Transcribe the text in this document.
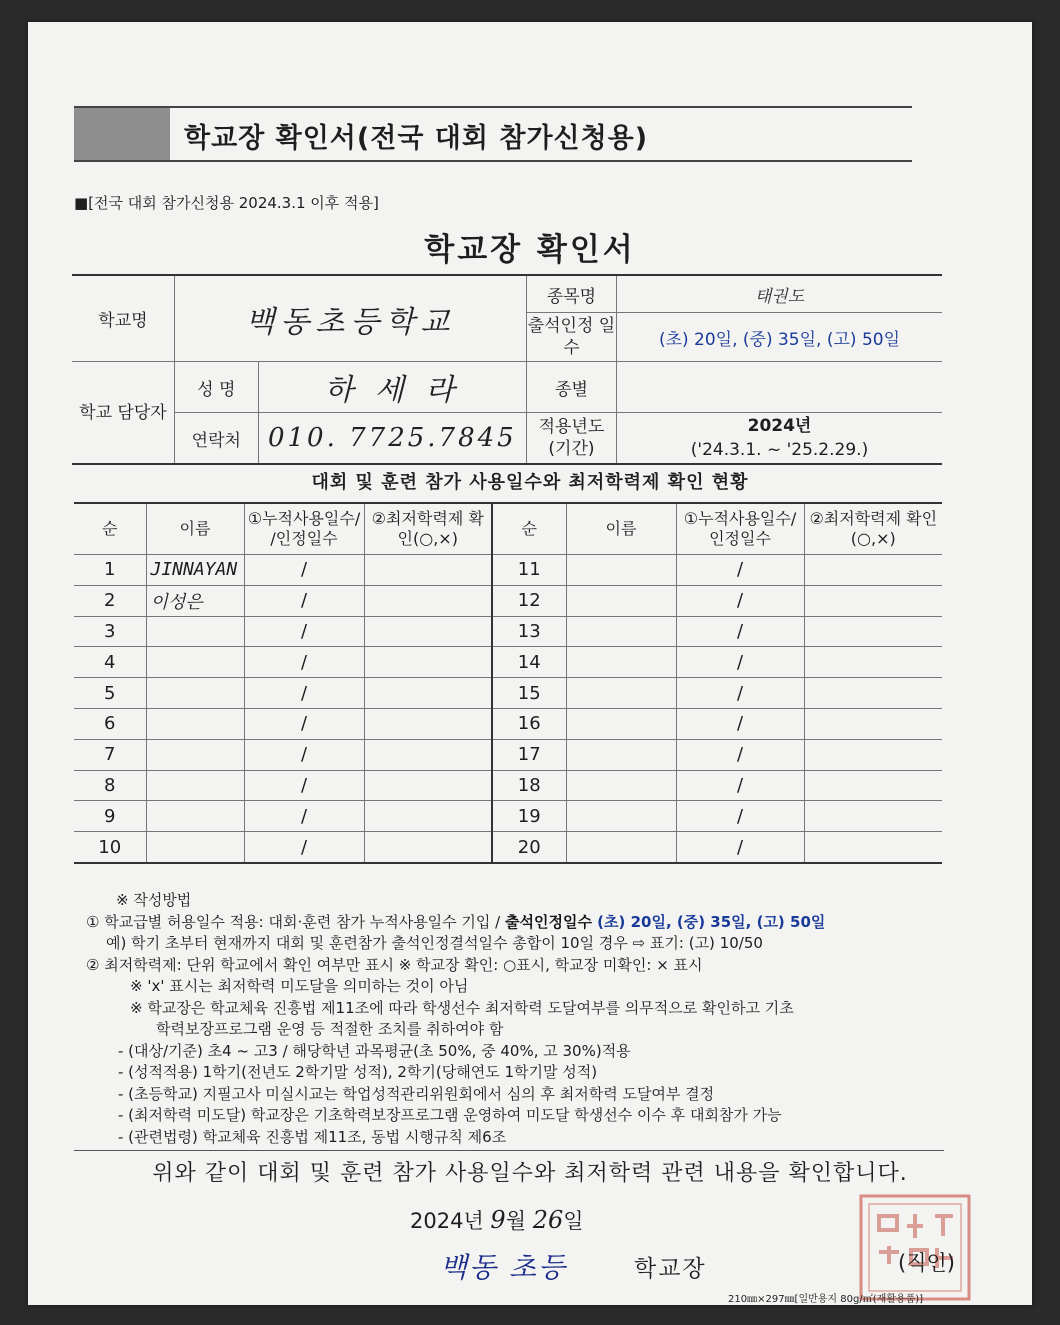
학교장 확인서(전국 대회 참가신청용)
■[전국 대회 참가신청용 2024.3.1 이후 적용]
학교장 확인서
학교명	백동초등학교		종목명	태권도
			출석인정 일수	(초) 20일, (중) 35일, (고) 50일
학교 담당자	성 명	하 세 라	종별	
	연락처	010. 7725.7845	적용년도 (기간)	2024년
('24.3.1. ~ '25.2.29.)
대회 및 훈련 참가 사용일수와 최저학력제 확인 현황
순	이름	①누적사용일수/ /인정일수	②최저학력제 확인(○,×)	순	이름	①누적사용일수/ 인정일수	②최저학력제 확인(○,×)
1	JINNAYAN	/		11		/	
2	이성은	/		12		/	
3		/		13		/	
4		/		14		/	
5		/		15		/	
6		/		16		/	
7		/		17		/	
8		/		18		/	
9		/		19		/	
10		/		20		/	
※ 작성방법
① 학교급별 허용일수 적용: 대회·훈련 참가 누적사용일수 기입 / 출석인정일수 (초) 20일, (중) 35일, (고) 50일
예) 학기 초부터 현재까지 대회 및 훈련참가 출석인정결석일수 총합이 10일 경우 ⇨ 표기: (고) 10/50
② 최저학력제: 단위 학교에서 확인 여부만 표시 ※ 학교장 확인: ○표시, 학교장 미확인: × 표시
※ 'x' 표시는 최저학력 미도달을 의미하는 것이 아님
※ 학교장은 학교체육 진흥법 제11조에 따라 학생선수 최저학력 도달여부를 의무적으로 확인하고 기초
학력보장프로그램 운영 등 적절한 조치를 취하여야 함
- (대상/기준) 초4 ~ 고3 / 해당학년 과목평균(초 50%, 중 40%, 고 30%)적용
- (성적적용) 1학기(전년도 2학기말 성적), 2학기(당해연도 1학기말 성적)
- (초등학교) 지필고사 미실시교는 학업성적관리위원회에서 심의 후 최저학력 도달여부 결정
- (최저학력 미도달) 학교장은 기초학력보장프로그램 운영하여 미도달 학생선수 이수 후 대회참가 가능
- (관련법령) 학교체육 진흥법 제11조, 동법 시행규칙 제6조
위와 같이 대회 및 훈련 참가 사용일수와 최저학력 관련 내용을 확인합니다.
2024년 9월 26일
백동 초등	학교장	(직인)
210㎜×297㎜[일반용지 80g/㎡(재활용품)]
